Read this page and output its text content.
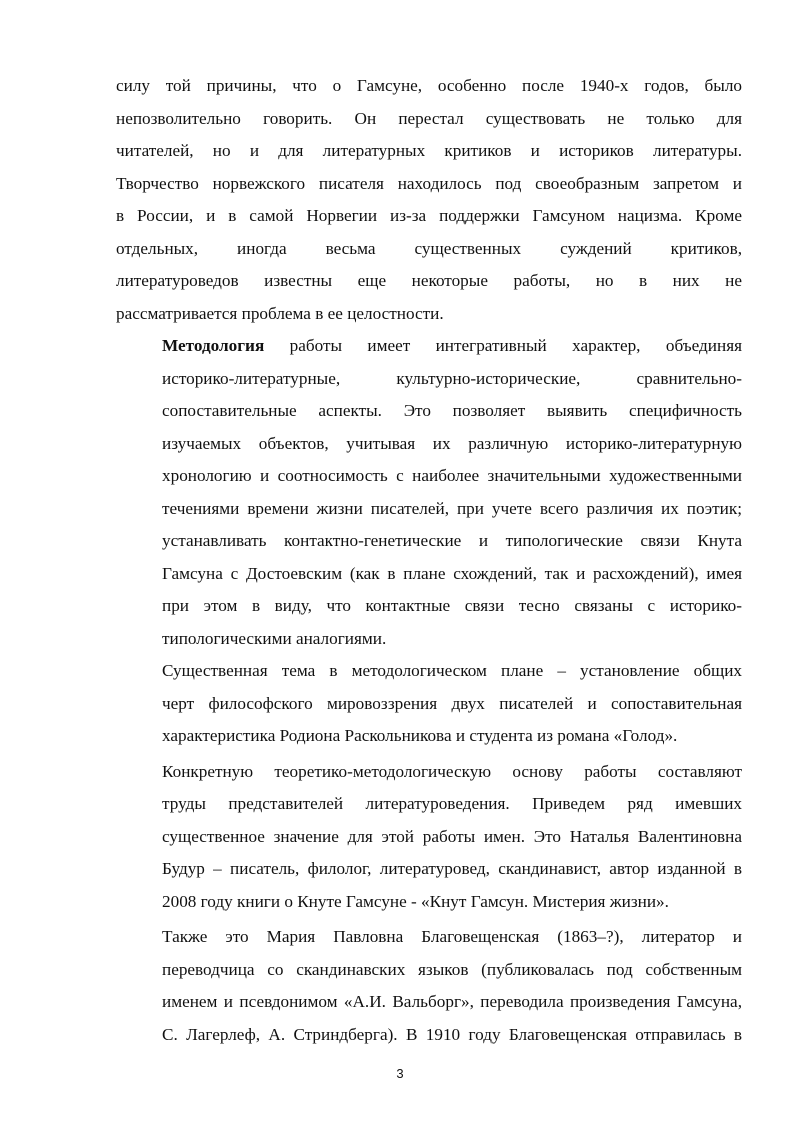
силу той причины, что о Гамсуне, особенно после 1940-х годов, было
непозволительно говорить. Он перестал существовать не только для
читателей, но и для литературных критиков и историков литературы.
Творчество норвежского писателя находилось под своеобразным запретом и
в России, и в самой Норвегии из-за поддержки Гамсуном нацизма. Кроме
отдельных, иногда весьма существенных суждений критиков,
литературоведов известны еще некоторые работы, но в них не
рассматривается проблема в ее целостности.

Методология работы имеет интегративный характер, объединяя
историко-литературные, культурно-исторические, сравнительно-
сопоставительные аспекты. Это позволяет выявить специфичность
изучаемых объектов, учитывая их различную историко-литературную
хронологию и соотносимость с наиболее значительными художественными
течениями времени жизни писателей, при учете всего различия их поэтик;
устанавливать контактно-генетические и типологические связи Кнута
Гамсуна с Достоевским (как в плане схождений, так и расхождений), имея
при этом в виду, что контактные связи тесно связаны с историко-
типологическими аналогиями.

Существенная тема в методологическом плане – установление общих
черт философского мировоззрения двух писателей и сопоставительная
характеристика Родиона Раскольникова и студента из романа «Голод».

Конкретную теоретико-методологическую основу работы составляют
труды представителей литературоведения. Приведем ряд имевших
существенное значение для этой работы имен. Это Наталья Валентиновна
Будур – писатель, филолог, литературовед, скандинавист, автор изданной в
2008 году книги о Кнуте Гамсуне - «Кнут Гамсун. Мистерия жизни».

Также это Мария Павловна Благовещенская (1863–?), литератор и
переводчица со скандинавских языков (публиковалась под собственным
именем и псевдонимом «А.И. Вальборг», переводила произведения Гамсуна,
С. Лагерлеф, А. Стриндберга). В 1910 году Благовещенская отправилась в

3
